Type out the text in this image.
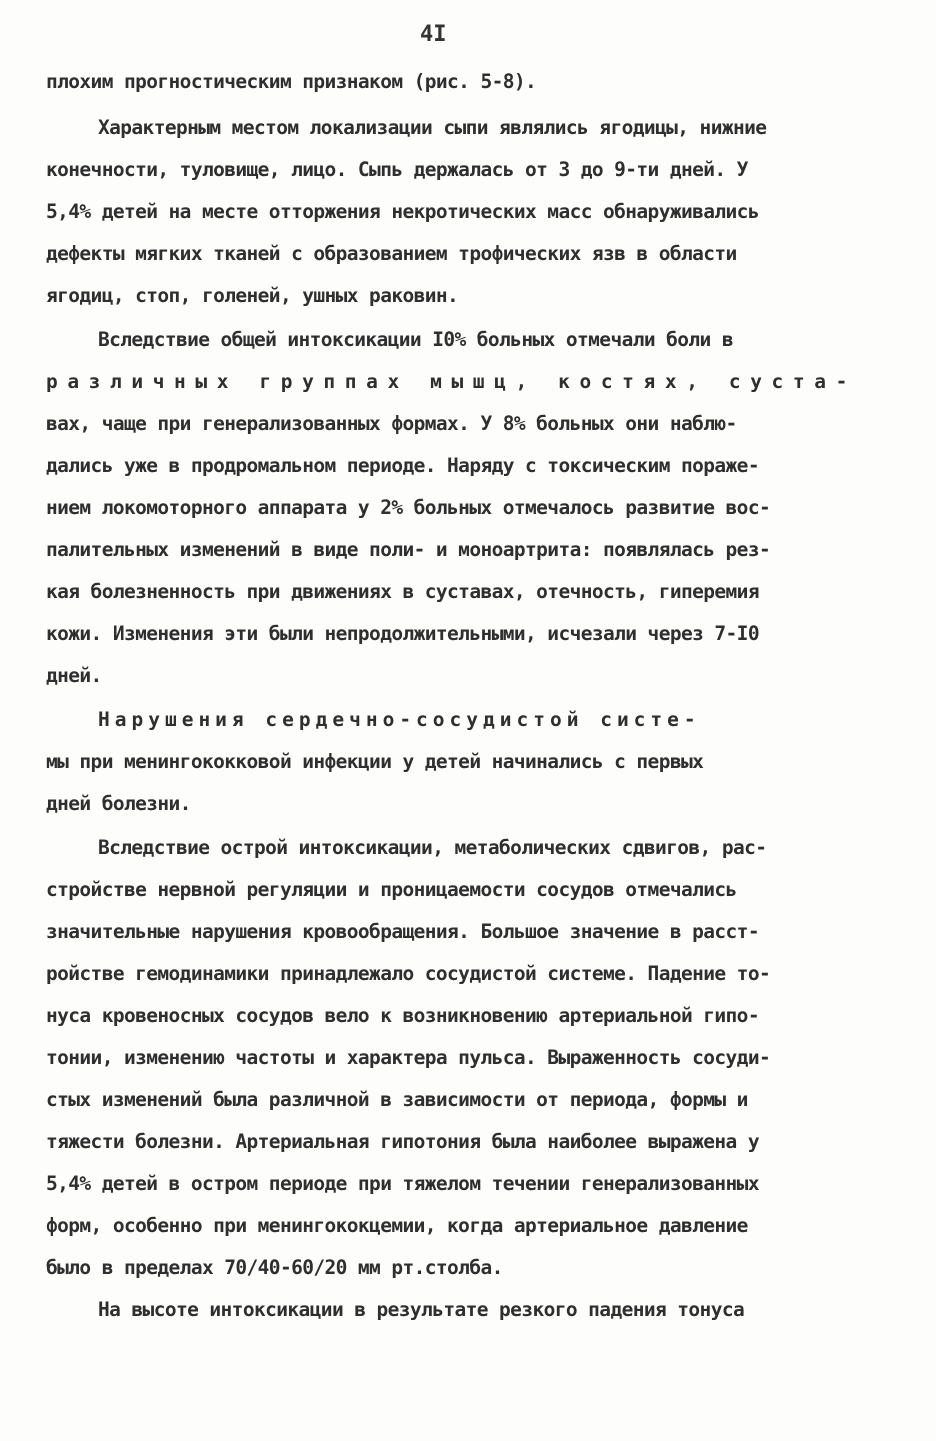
4I
плохим прогностическим признаком (рис. 5-8).
Характерным местом локализации сыпи являлись ягодицы, нижние
конечности, туловище, лицо. Сыпь держалась от 3 до 9-ти дней. У
5,4% детей на месте отторжения некротических масс обнаруживались
дефекты мягких тканей с образованием трофических язв в области
ягодиц, стоп, голеней, ушных раковин.
Вследствие общей интоксикации I0% больных отмечали боли в
различных группах мышц, костях, сустa-
вах, чаще при генерализованных формах. У 8% больных они наблю-
дались уже в продромальном периоде. Наряду с токсическим пораже-
нием локомоторного аппарата у 2% больных отмечалось развитие вос-
палительных изменений в виде поли- и моноартрита: появлялась рез-
кая болезненность при движениях в суставах, отечность, гиперемия
кожи. Изменения эти были непродолжительными, исчезали через 7-I0
дней.
Нарушения сердечно-сосудистой систе-
мы при менингококковой инфекции у детей начинались с первых
дней болезни.
Вследствие острой интоксикации, метаболических сдвигов, рас-
стройстве нервной регуляции и проницаемости сосудов отмечались
значительные нарушения кровообращения. Большое значение в расст-
ройстве гемодинамики принадлежало сосудистой системе. Падение то-
нуса кровеносных сосудов вело к возникновению артериальной гипо-
тонии, изменению частоты и характера пульса. Выраженность сосуди-
стых изменений была различной в зависимости от периода, формы и
тяжести болезни. Артериальная гипотония была наиболее выражена у
5,4% детей в остром периоде при тяжелом течении генерализованных
форм, особенно при менингококцемии, когда артериальное давление
было в пределах 70/40-60/20 мм рт.столба.
На высоте интоксикации в результате резкого падения тонуса
